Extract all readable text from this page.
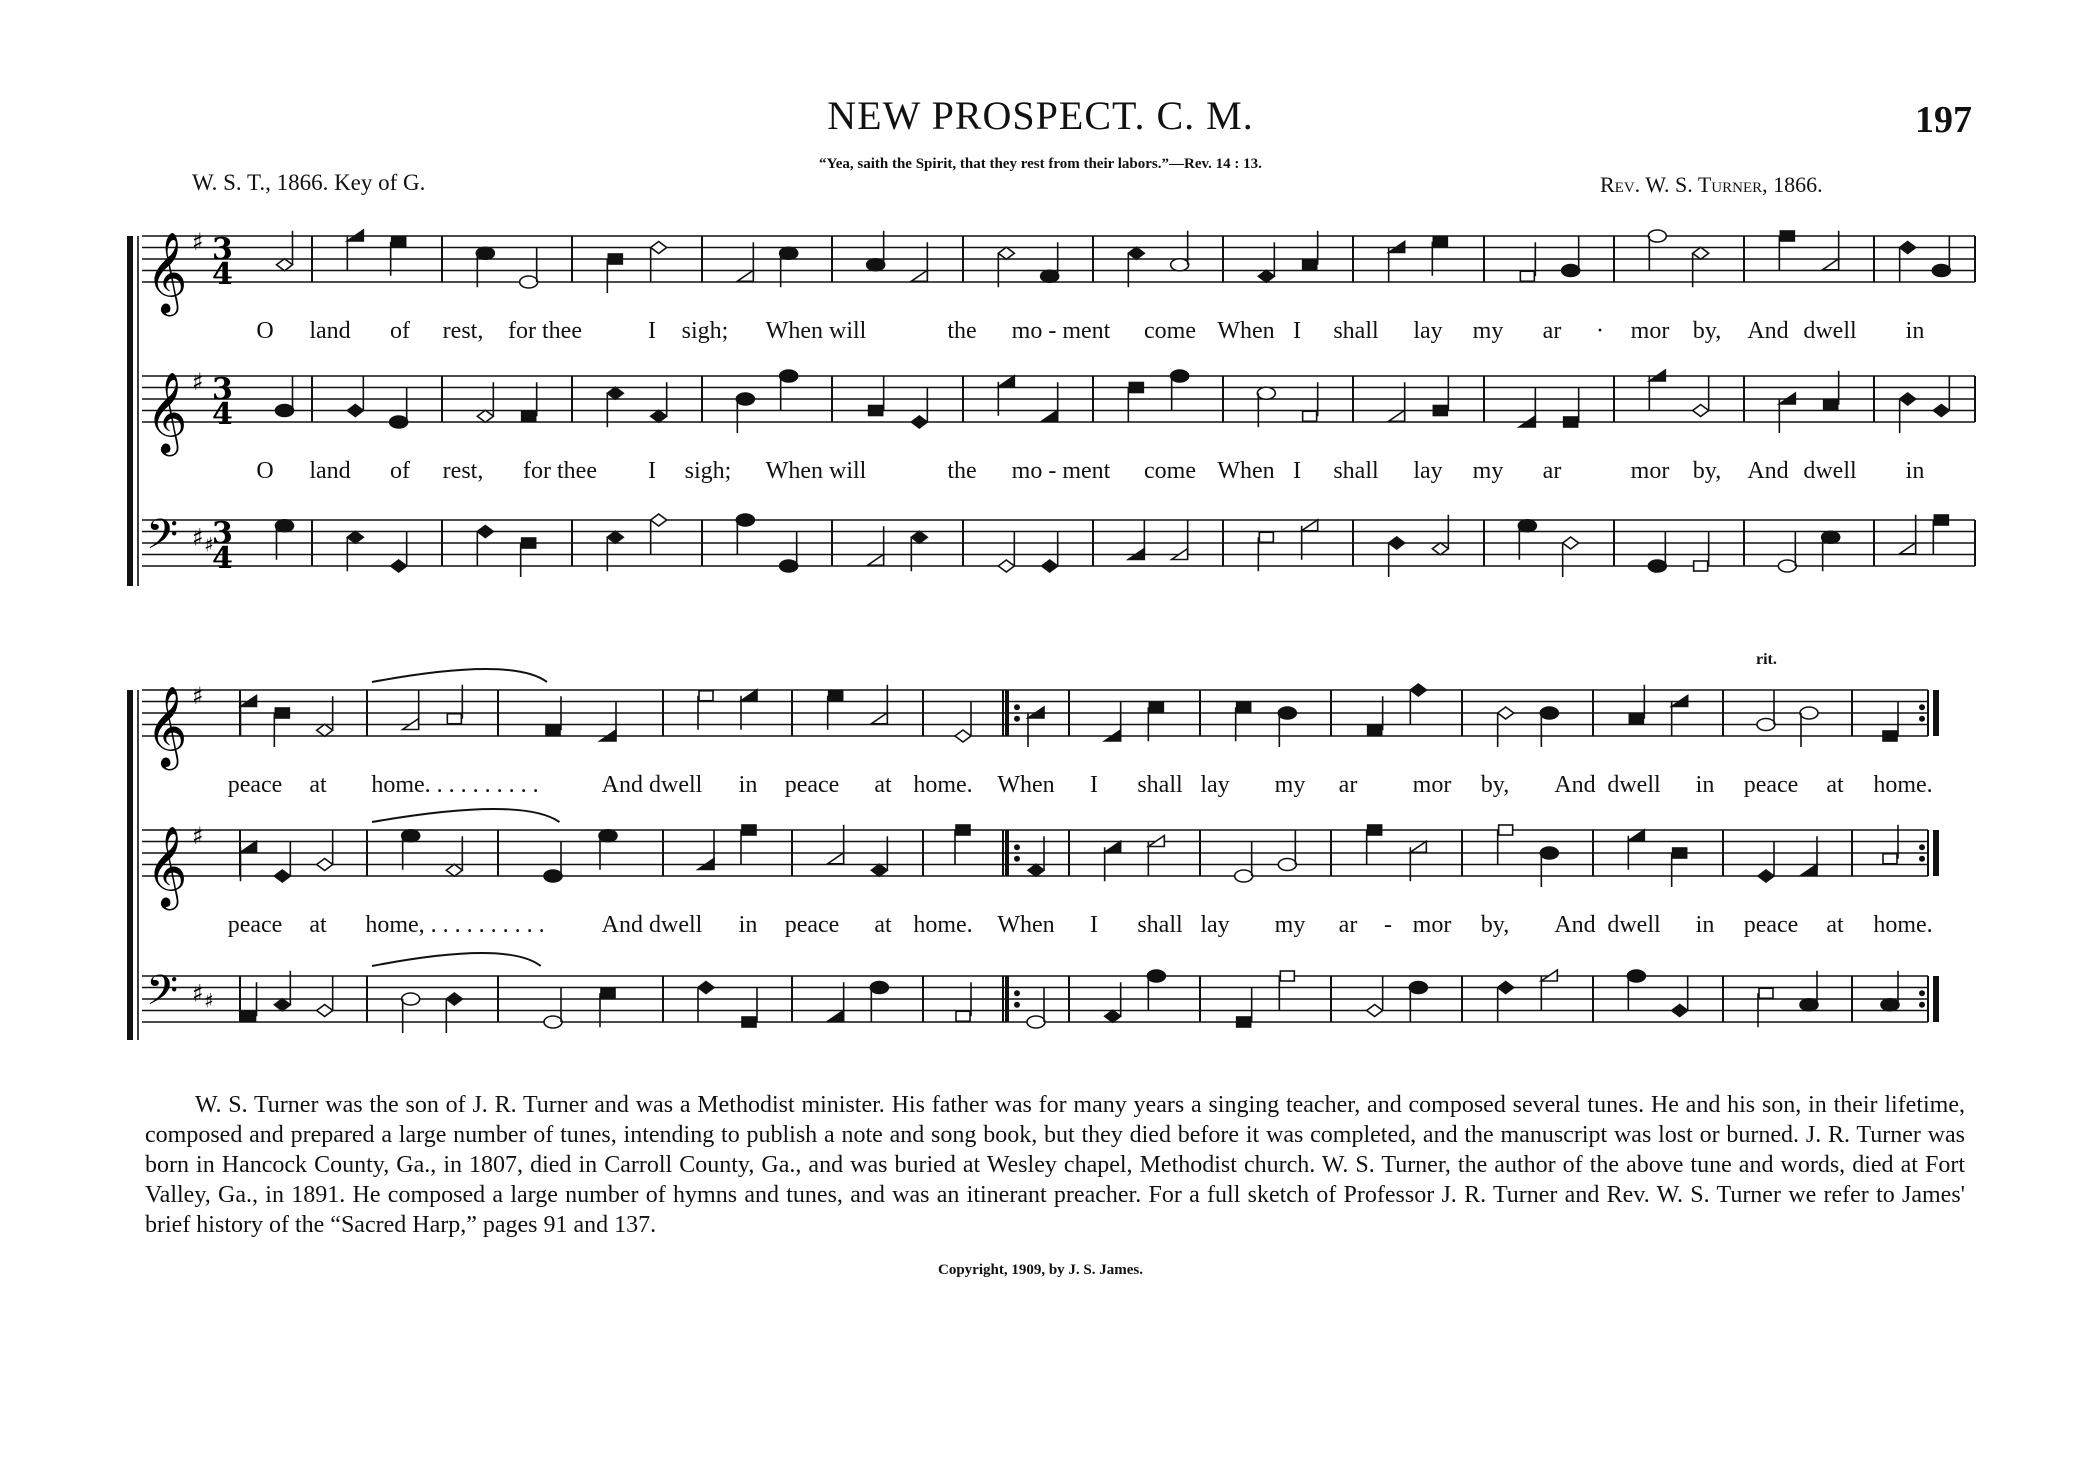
197
NEW PROSPECT. C. M.
“Yea, saith the Spirit, that they rest from their labors.”—Rev. 14 : 13.
W. S. T., 1866. Key of G.	Rev. W. S. Turner, 1866.
𝄞 ♯ 3
4
𝄞 ♯ 3
4
𝄢 ♯ ♯
3
4
𝄞 ♯
𝄞 ♯
𝄢 ♯ ♯
O land of rest, for thee	I sigh; When will	the mo - ment come When I shall lay my ar · mor by, And dwell in
O land of rest, for thee I sigh; When will	the mo - ment come When I shall lay my ar	mor by, And dwell in
peace at home. . . . . . . . . .	And dwell in peace at home. When I shall lay my ar mor by, And dwell in peace at home.
peace at home, . . . . . . . . . . And dwell in peace at home. When I shall lay my ar - mor by, And dwell in peace at home.
rit.

W. S. Turner was the son of J. R. Turner and was a Methodist minister. His father was for many years a singing teacher, and composed several tunes. He and his son, in their lifetime, composed and prepared a large number of tunes, intending to publish a note and song book, but they died before it was completed, and the manuscript was lost or burned. J. R. Turner was born in Hancock County, Ga., in 1807, died in Carroll County, Ga., and was buried at Wesley chapel, Methodist church. W. S. Turner, the author of the above tune and words, died at Fort Valley, Ga., in 1891. He composed a large number of hymns and tunes, and was an itinerant preacher. For a full sketch of Professor J. R. Turner and Rev. W. S. Turner we refer to James' brief history of the “Sacred Harp,” pages 91 and 137.

Copyright, 1909, by J. S. James.
